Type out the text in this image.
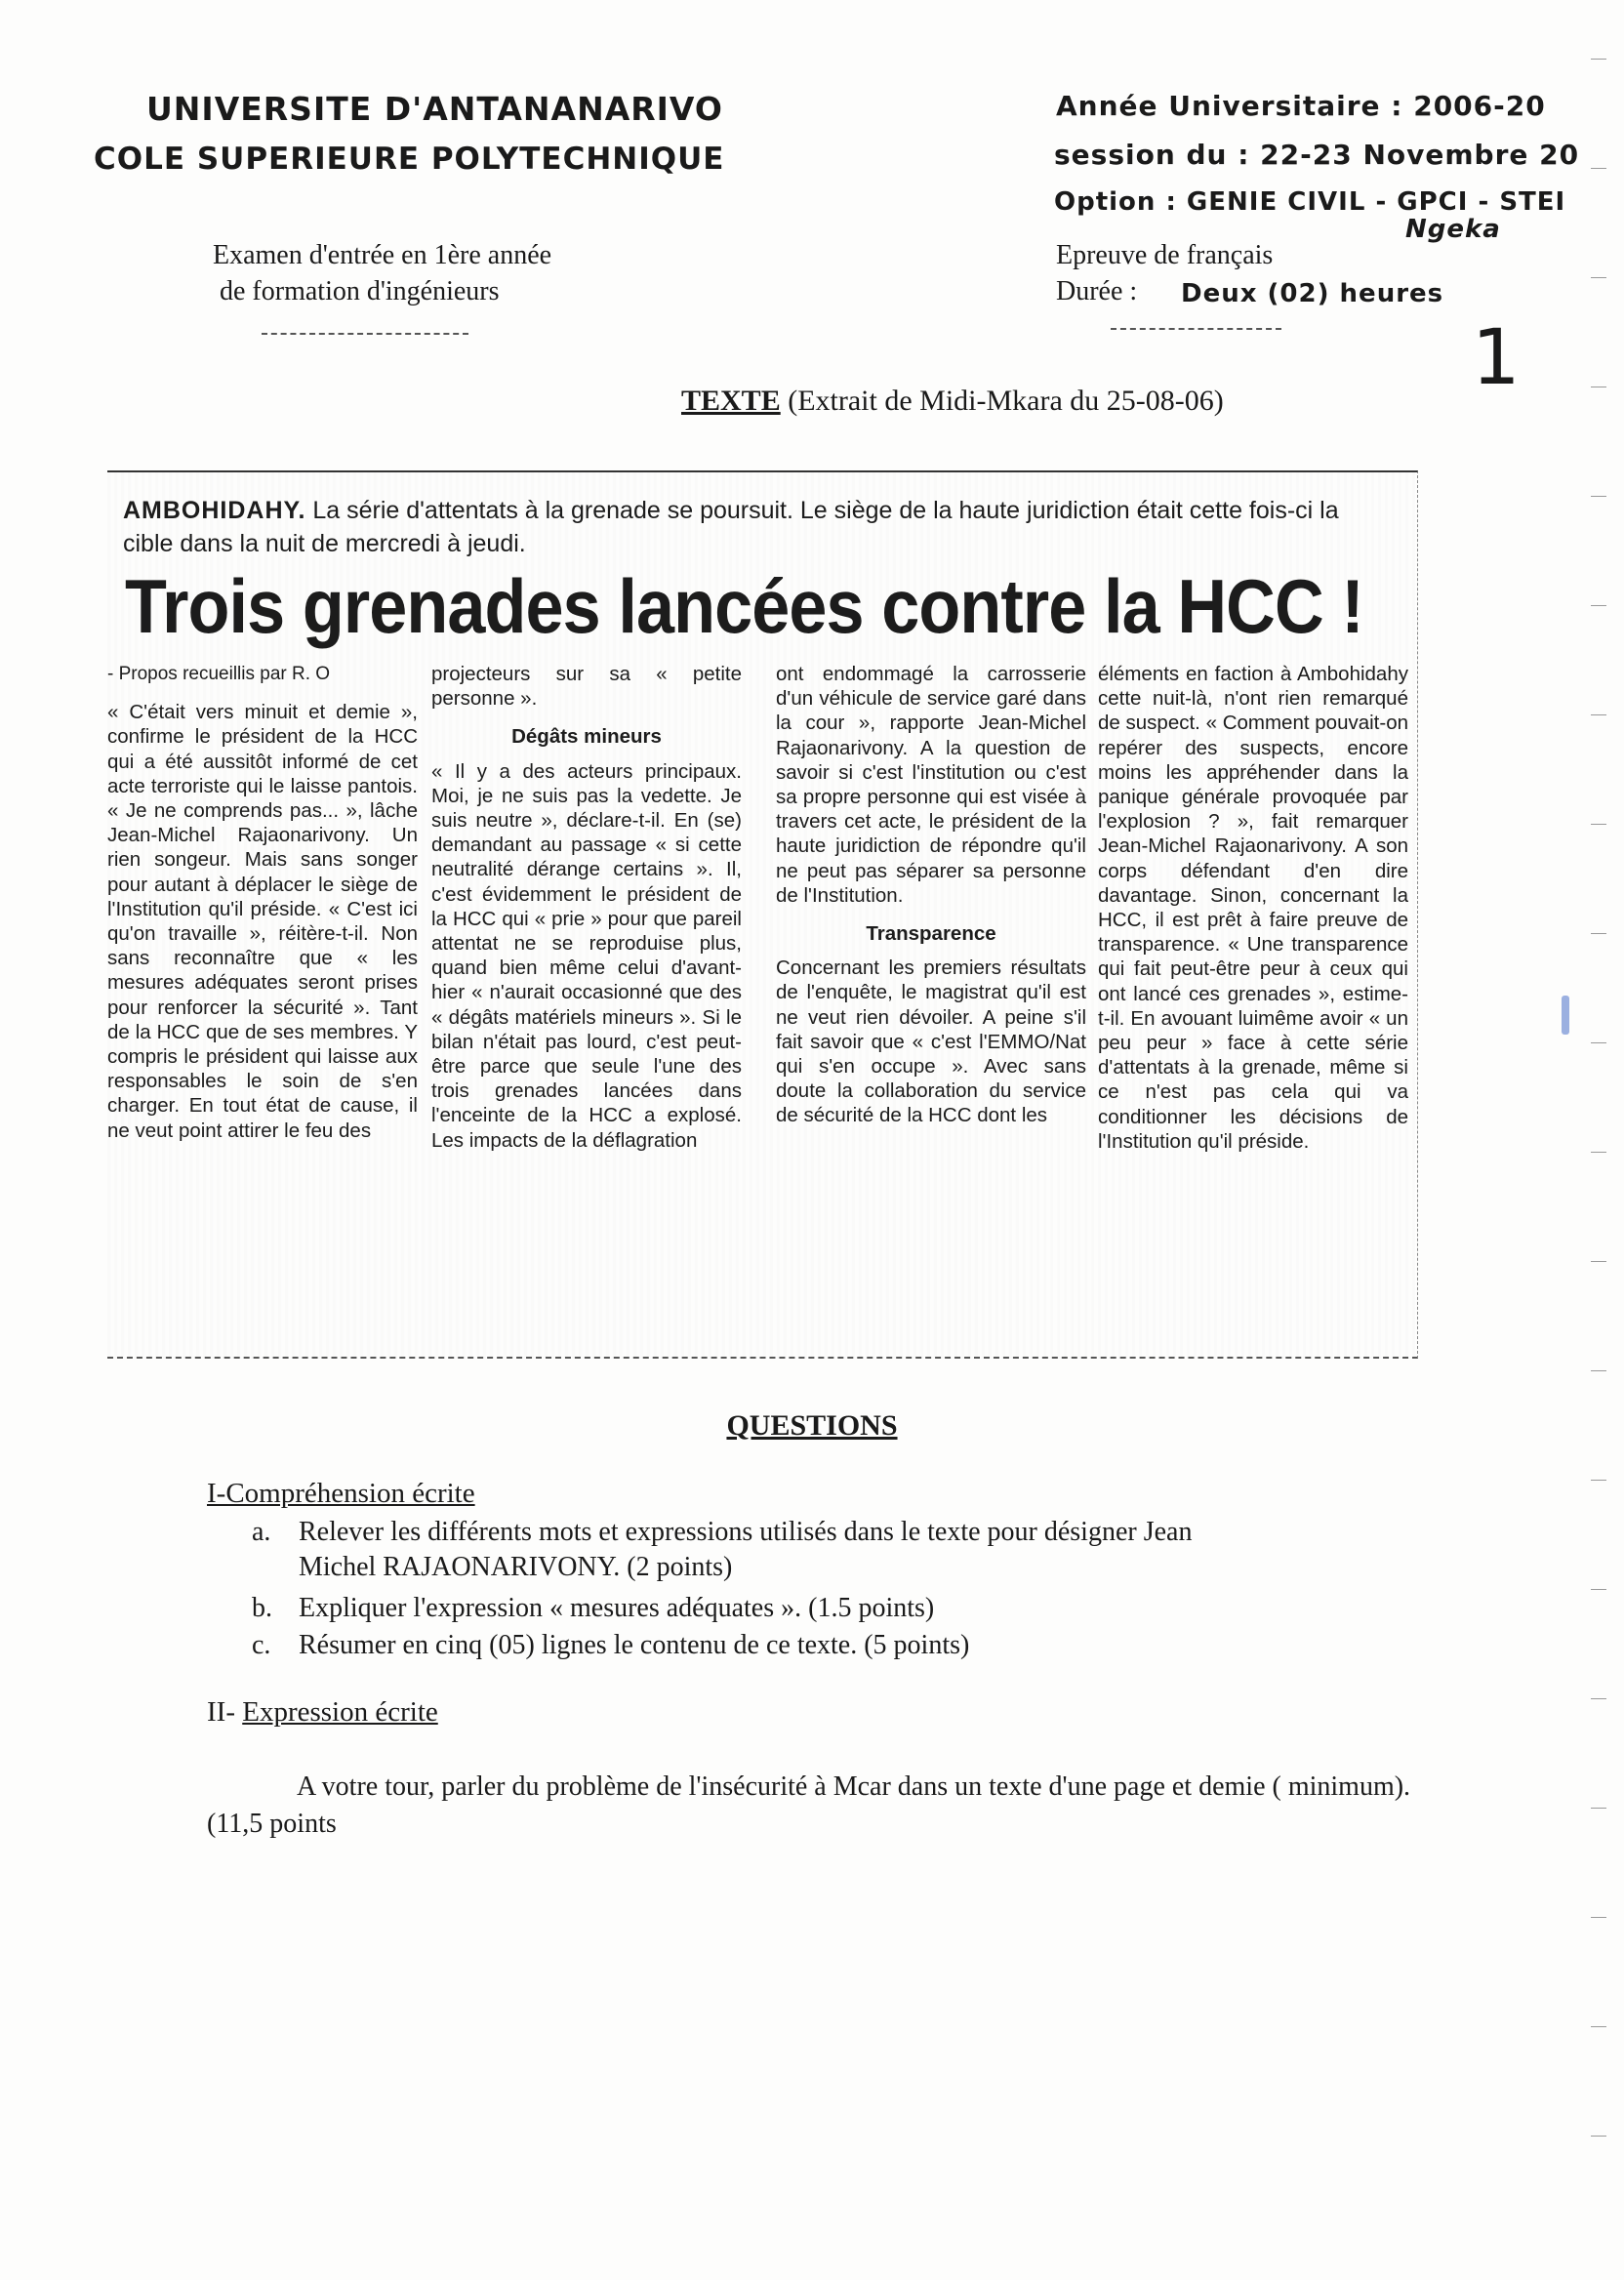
UNIVERSITE D'ANTANANARIVO
COLE SUPERIEURE POLYTECHNIQUE
Examen d'entrée en 1ère année
de formation d'ingénieurs
Année Universitaire : 2006-20
session du : 22-23 Novembre 20
Option : GENIE CIVIL - GPCI - STEI
Ngeka
Epreuve de français
Durée : Deux (02) heures
1
TEXTE (Extrait de Midi-Mkara du 25-08-06)
AMBOHIDAHY. La série d'attentats à la grenade se poursuit. Le siège de la haute juridiction était cette fois-ci la cible dans la nuit de mercredi à jeudi.
Trois grenades lancées contre la HCC !

- Propos recueillis par R. O

« C'était vers minuit et demie », confirme le président de la HCC qui a été aussitôt informé de cet acte terroriste qui le laisse pantois. « Je ne comprends pas... », lâche Jean-Michel Rajaonarivony. Un rien songeur. Mais sans songer pour autant à déplacer le siège de l'Institution qu'il préside. « C'est ici qu'on travaille », réitère-t-il. Non sans reconnaître que « les mesures adéquates seront prises pour renforcer la sécurité ». Tant de la HCC que de ses membres. Y compris le président qui laisse aux responsables le soin de s'en charger. En tout état de cause, il ne veut point attirer le feu des

projecteurs sur sa « petite personne ».

Dégâts mineurs

« Il y a des acteurs principaux. Moi, je ne suis pas la vedette. Je suis neutre », déclare-t-il. En (se) demandant au passage « si cette neutralité dérange certains ». Il, c'est évidemment le président de la HCC qui « prie » pour que pareil attentat ne se reproduise plus, quand bien même celui d'avant-hier « n'aurait occasionné que des « dégâts matériels mineurs ». Si le bilan n'était pas lourd, c'est peut-être parce que seule l'une des trois grenades lancées dans l'enceinte de la HCC a explosé. Les impacts de la déflagration

ont endommagé la carrosserie d'un véhicule de service garé dans la cour », rapporte Jean-Michel Rajaonarivony. A la question de savoir si c'est l'institution ou c'est sa propre personne qui est visée à travers cet acte, le président de la haute juridiction de répondre qu'il ne peut pas séparer sa personne de l'Institution.

Transparence

Concernant les premiers résultats de l'enquête, le magistrat qu'il est ne veut rien dévoiler. A peine s'il fait savoir que « c'est l'EMMO/Nat qui s'en occupe ». Avec sans doute la collaboration du service de sécurité de la HCC dont les

éléments en faction à Ambohidahy cette nuit-là, n'ont rien remarqué de suspect. « Comment pouvait-on repérer des suspects, encore moins les appréhender dans la panique générale provoquée par l'explosion ? », fait remarquer Jean-Michel Rajaonarivony. A son corps défendant d'en dire davantage. Sinon, concernant la HCC, il est prêt à faire preuve de transparence. « Une transparence qui fait peut-être peur à ceux qui ont lancé ces grenades », estime-t-il. En avouant luimême avoir « un peu peur » face à cette série d'attentats à la grenade, même si ce n'est pas cela qui va conditionner les décisions de l'Institution qu'il préside.

QUESTIONS
I-Compréhension écrite
a. Relever les différents mots et expressions utilisés dans le texte pour désigner Jean
Michel RAJAONARIVONY. (2 points)
b. Expliquer l'expression « mesures adéquates ». (1.5 points)
c. Résumer en cinq (05) lignes le contenu de ce texte. (5 points)
II- Expression écrite
A votre tour, parler du problème de l'insécurité à Mcar dans un texte d'une page et demie ( minimum). (11,5 points
